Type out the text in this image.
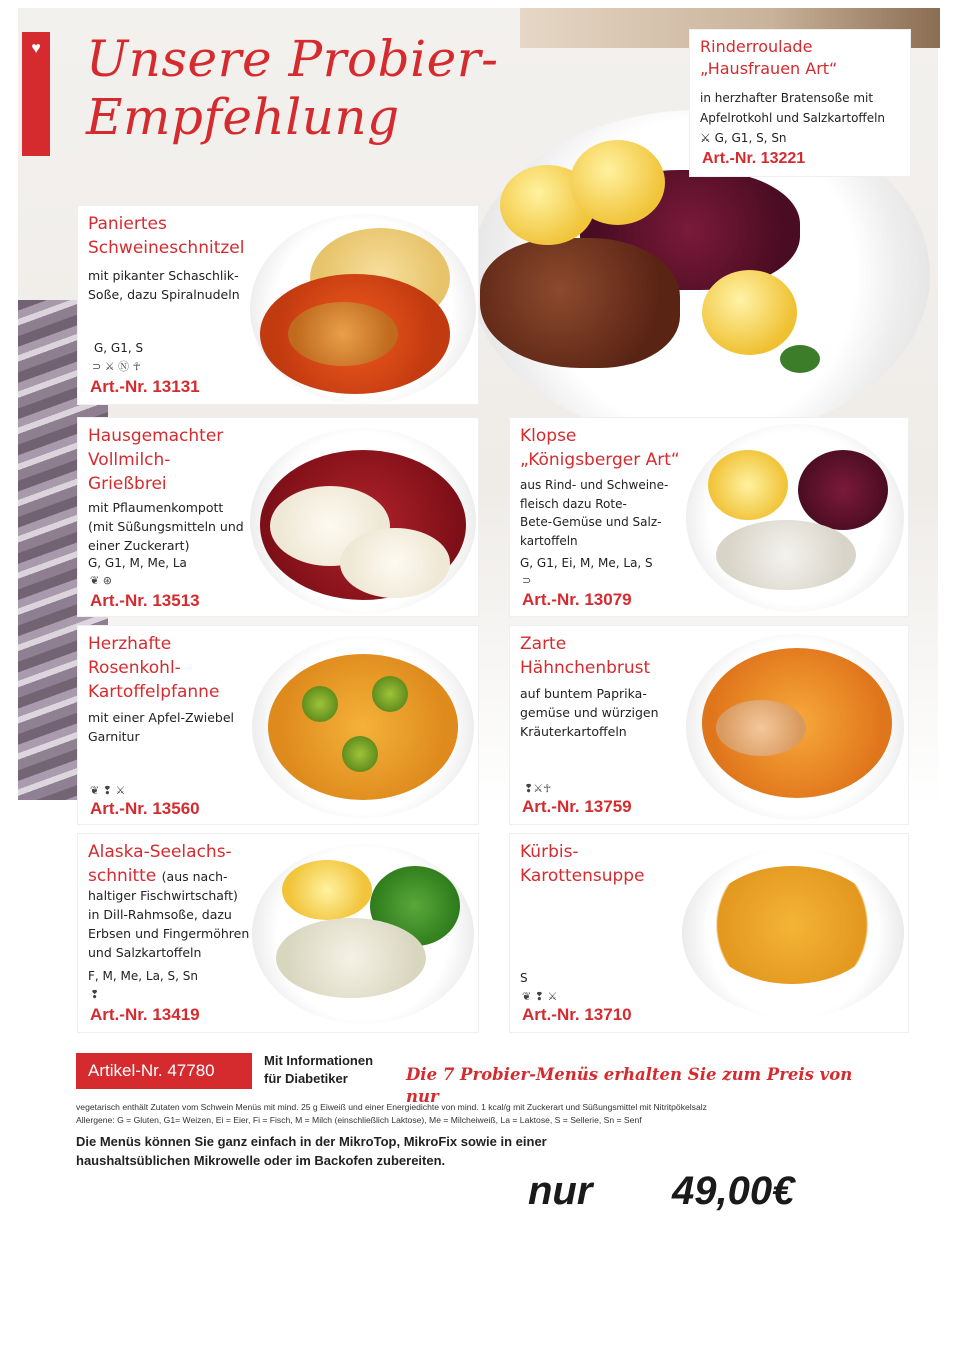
♥ Unsere Probier-
Empfehlung
Rinderroulade
„Hausfrauen Art“
in herzhafter Bratensoße mit
Apfelrotkohl und Salzkartoffeln
⚔ G, G1, S, Sn
Art.-Nr. 13221
Paniertes
Schweineschnitzel
mit pikanter Schaschlik-
Soße, dazu Spiralnudeln
G, G1, S
⊃ ⚔ Ⓝ ☥
Art.-Nr. 13131
Hausgemachter
Vollmilch-
Grießbrei
mit Pflaumenkompott
(mit Süßungsmitteln und
einer Zuckerart)
G, G1, M, Me, La
❦ ⊛
Art.-Nr. 13513
Klopse
„Königsberger Art“
aus Rind- und Schweine-
fleisch dazu Rote-
Bete-Gemüse und Salz-
kartoffeln
G, G1, Ei, M, Me, La, S
⊃
Art.-Nr. 13079
Herzhafte
Rosenkohl-
Kartoffelpfanne
mit einer Apfel-Zwiebel
Garnitur
❦ ❢ ⚔
Art.-Nr. 13560
Zarte
Hähnchenbrust
auf buntem Paprika-
gemüse und würzigen
Kräuterkartoffeln
❢⚔☥
Art.-Nr. 13759
Alaska-Seelachs-
schnitte (aus nach-
haltiger Fischwirtschaft)
in Dill-Rahmsoße, dazu
Erbsen und Fingermöhren
und Salzkartoffeln
F, M, Me, La, S, Sn
❢
Art.-Nr. 13419
Kürbis-
Karottensuppe
S
❦ ❢ ⚔
Art.-Nr. 13710
Artikel-Nr. 47780
Mit Informationen
für Diabetiker	Die 7 Probier-Menüs erhalten Sie zum Preis von nur
vegetarisch enthält Zutaten vom Schwein Menüs mit mind. 25 g Eiweiß und einer Energiedichte von mind. 1 kcal/g mit Zuckerart und Süßungsmittel mit Nitritpökelsalz
Allergene: G = Gluten, G1= Weizen, Ei = Eier, Fi = Fisch, M = Milch (einschließlich Laktose), Me = Milcheiweiß, La = Laktose, S = Sellerie, Sn = Senf
Die Menüs können Sie ganz einfach in der MikroTop, MikroFix sowie in einer
haushaltsüblichen Mikrowelle oder im Backofen zubereiten.
nur 49,00€
